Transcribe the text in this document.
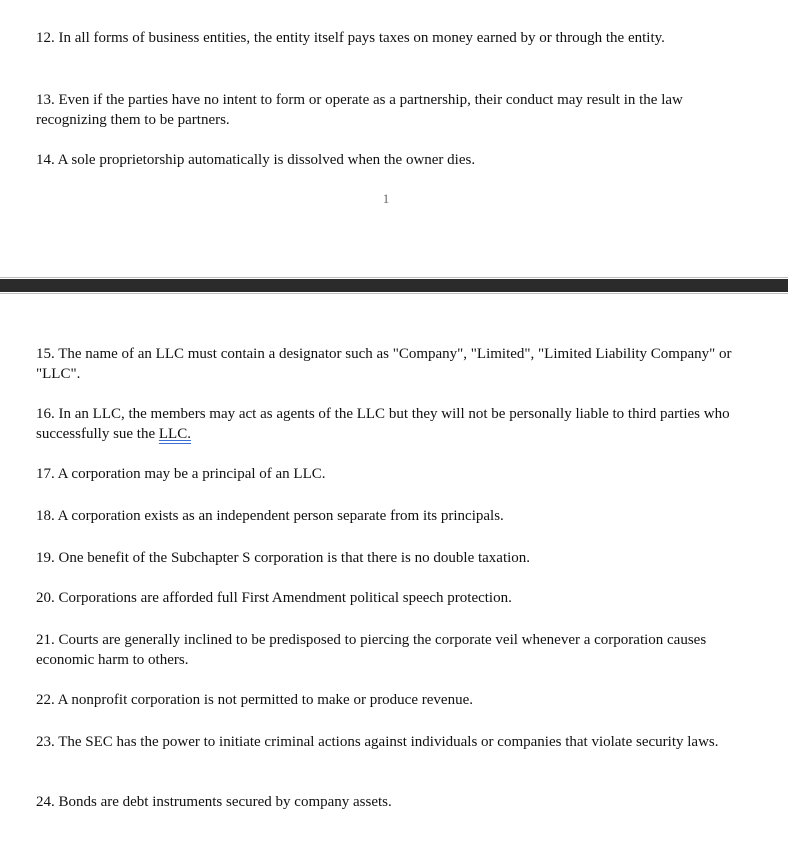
12. In all forms of business entities, the entity itself pays taxes on money earned by or through the entity.

13. Even if the parties have no intent to form or operate as a partnership, their conduct may result in the law recognizing them to be partners.

14. A sole proprietorship automatically is dissolved when the owner dies.

1

15. The name of an LLC must contain a designator such as "Company", "Limited", "Limited Liability Company" or "LLC".

16. In an LLC, the members may act as agents of the LLC but they will not be personally liable to third parties who successfully sue the LLC.

17. A corporation may be a principal of an LLC.

18. A corporation exists as an independent person separate from its principals.

19. One benefit of the Subchapter S corporation is that there is no double taxation.

20. Corporations are afforded full First Amendment political speech protection.

21. Courts are generally inclined to be predisposed to piercing the corporate veil whenever a corporation causes economic harm to others.

22. A nonprofit corporation is not permitted to make or produce revenue.

23. The SEC has the power to initiate criminal actions against individuals or companies that violate security laws.

24. Bonds are debt instruments secured by company assets.
